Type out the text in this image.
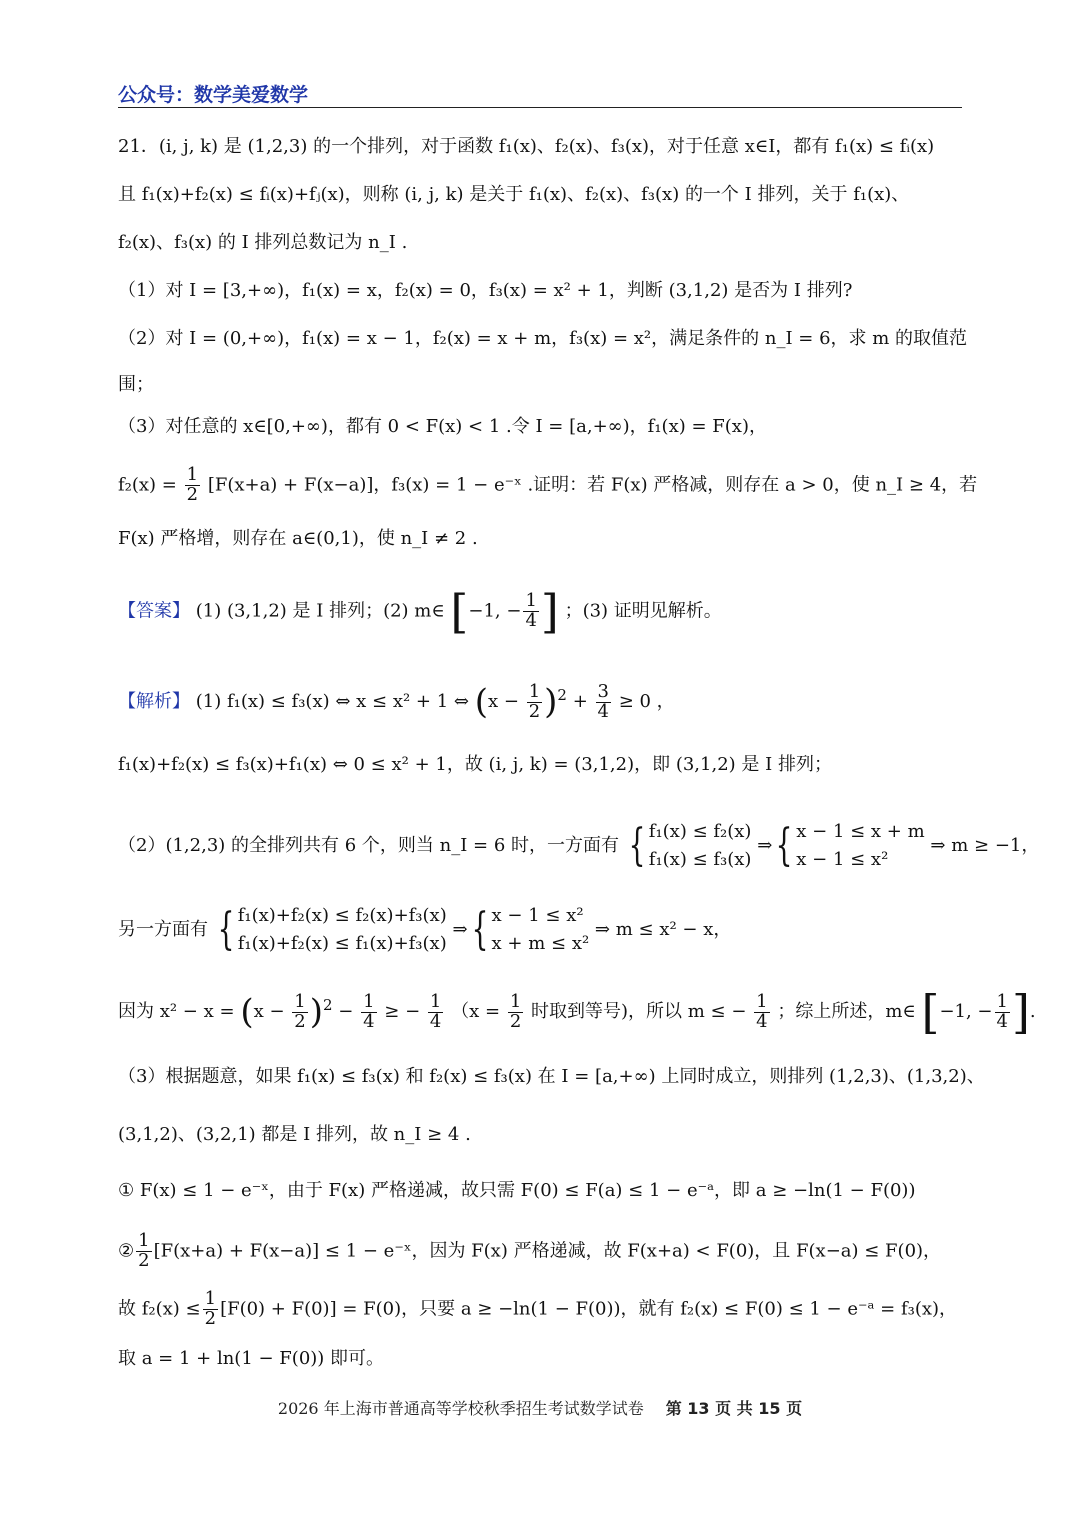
公众号：数学美爱数学
21．(i, j, k) 是 (1,2,3) 的一个排列，对于函数 f₁(x)、f₂(x)、f₃(x)，对于任意 x∈I，都有 f₁(x) ≤ fᵢ(x)
且 f₁(x)+f₂(x) ≤ fᵢ(x)+fⱼ(x)，则称 (i, j, k) 是关于 f₁(x)、f₂(x)、f₃(x) 的一个 I 排列，关于 f₁(x)、
f₂(x)、f₃(x) 的 I 排列总数记为 n_I .
（1）对 I = [3,+∞)，f₁(x) = x，f₂(x) = 0，f₃(x) = x² + 1，判断 (3,1,2) 是否为 I 排列?
（2）对 I = (0,+∞)，f₁(x) = x − 1，f₂(x) = x + m，f₃(x) = x²，满足条件的 n_I = 6，求 m 的取值范
围；
（3）对任意的 x∈[0,+∞)，都有 0 < F(x) < 1 .令 I = [a,+∞)，f₁(x) = F(x)，
$f_2(x) = \frac{1}{2} [F(x+a) + F(x-a)]$，f₃(x) = 1 − e⁻ˣ .证明：若 F(x) 严格减，则存在 a > 0，使 n_I ≥ 4，若
F(x) 严格增，则存在 a∈(0,1)，使 n_I ≠ 2 .
【答案】 (1) (3,1,2) 是 I 排列；(2) m∈ [−1, − $\frac{1}{4}$ ] ；(3) 证明见解析。
【解析】 (1) f₁(x) ≤ f₃(x) ⇔ x ≤ x² + 1 ⇔ $(x - \frac{1}{2} )^2 + \frac{3}{4} \ge 0$ ，
f₁(x)+f₂(x) ≤ f₃(x)+f₁(x) ⇔ 0 ≤ x² + 1，故 (i, j, k) = (3,1,2)，即 (3,1,2) 是 I 排列；
（2）(1,2,3) 的全排列共有 6 个，则当 n_I = 6 时，一方面有 { f₁(x) ≤ f₂(x)
f₁(x) ≤ f₃(x)
⇒{ x − 1 ≤ x + m
x − 1 ≤ x²
⇒ m ≥ −1，
另一方面有 { f₁(x)+f₂(x) ≤ f₂(x)+f₃(x)
f₁(x)+f₂(x) ≤ f₁(x)+f₃(x)
⇒{ x − 1 ≤ x²
x + m ≤ x²
⇒ m ≤ x² − x，
因为 $x^2 - x = (x - \frac{1}{2} )^2 - \frac{1}{4}$ ≥ − $\frac{1}{4} (x = \frac{1}{2}$ 时取到等号)，所以 m ≤ − $\frac{1}{4}$ ；综上所述，m∈ [−1, − $\frac{1}{4}$ ].
（3）根据题意，如果 f₁(x) ≤ f₃(x) 和 f₂(x) ≤ f₃(x) 在 I = [a,+∞) 上同时成立，则排列 (1,2,3)、(1,3,2)、
(3,1,2)、(3,2,1) 都是 I 排列，故 n_I ≥ 4 .
① F(x) ≤ 1 − e⁻ˣ，由于 F(x) 严格递减，故只需 F(0) ≤ F(a) ≤ 1 − e⁻ᵃ，即 a ≥ −ln(1 − F(0))
② $\frac{1}{2} [F(x+a) + F(x-a)] \le 1$ − e⁻ˣ，因为 F(x) 严格递减，故 F(x+a) < F(0)，且 F(x−a) ≤ F(0)，
故 $f_2(x) \le \frac{1}{2} [F(0) + F(0)] = F(0)$，只要 a ≥ −ln(1 − F(0))，就有 f₂(x) ≤ F(0) ≤ 1 − e⁻ᵃ = f₃(x)，
取 a = 1 + ln(1 − F(0)) 即可。
2026 年上海市普通高等学校秋季招生考试数学试卷 第 13 页 共 15 页
